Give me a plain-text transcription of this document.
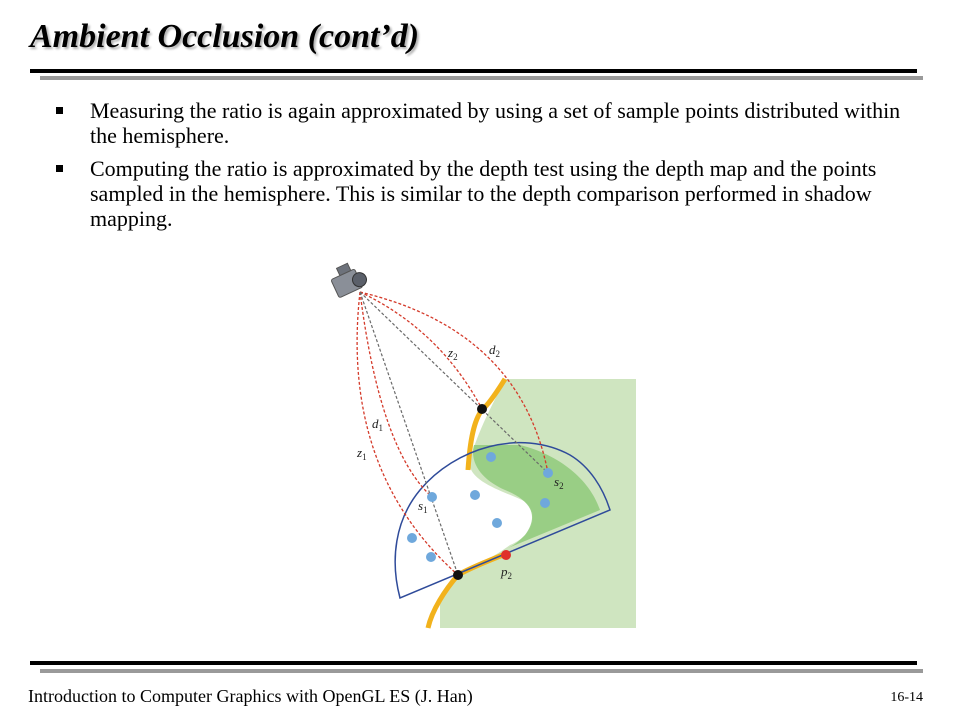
Ambient Occlusion (cont’d)
Measuring the ratio is again approximated by using a set of sample points distributed within the hemisphere.
Computing the ratio is approximated by the depth test using the depth map and the points sampled in the hemisphere. This is similar to the depth comparison performed in shadow mapping.
$z_2$ $d_2$
$d_1$
$z_1$
$s_1$
$s_2$
$p_2$
Introduction to Computer Graphics with OpenGL ES (J. Han)	16-14
